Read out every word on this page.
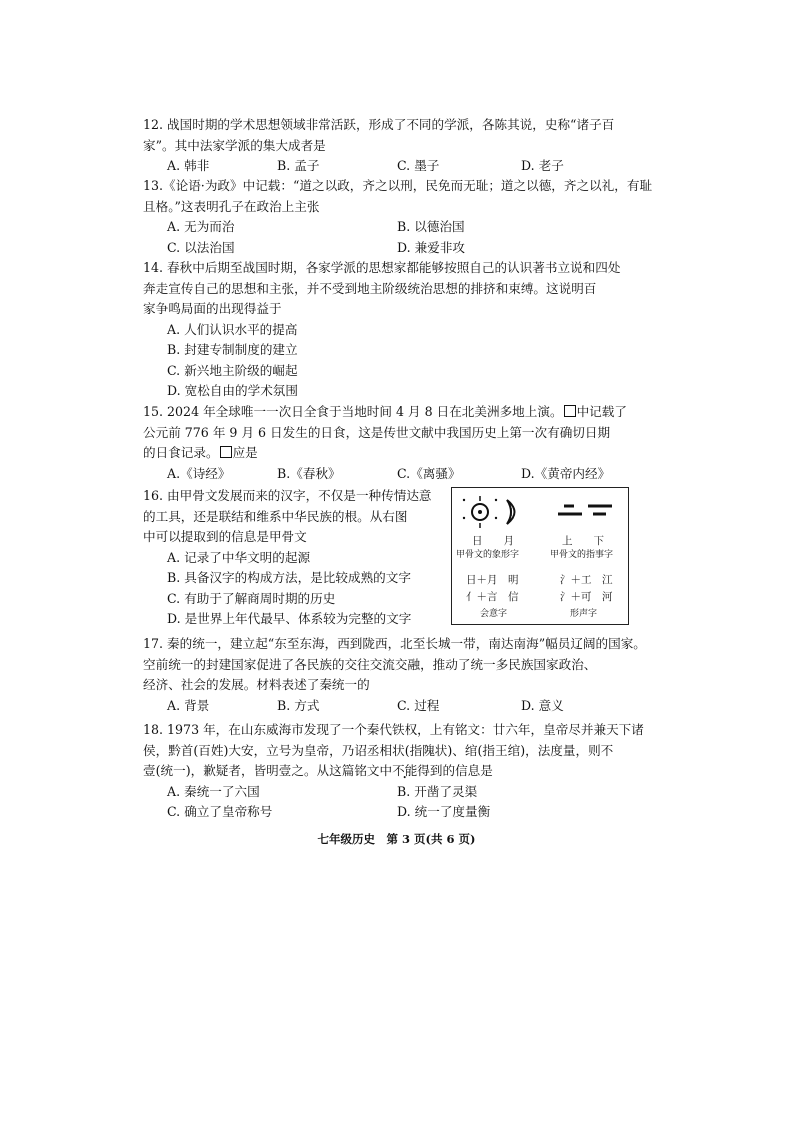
12. 战国时期的学术思想领域非常活跃，形成了不同的学派，各陈其说，史称“诸子百
家”。其中法家学派的集大成者是
A. 韩非	B. 孟子	C. 墨子	D. 老子
13.《论语·为政》中记载：“道之以政，齐之以刑，民免而无耻；道之以德，齐之以礼，有耻
且格。”这表明孔子在政治上主张
A. 无为而治	B. 以德治国
C. 以法治国	D. 兼爱非攻
14. 春秋中后期至战国时期，各家学派的思想家都能够按照自己的认识著书立说和四处
奔走宣传自己的思想和主张，并不受到地主阶级统治思想的排挤和束缚。这说明百
家争鸣局面的出现得益于
A. 人们认识水平的提高
B. 封建专制制度的建立
C. 新兴地主阶级的崛起
D. 宽松自由的学术氛围
15. 2024 年全球唯一一次日全食于当地时间 4 月 8 日在北美洲多地上演。 中记载了
公元前 776 年 9 月 6 日发生的日食，这是传世文献中我国历史上第一次有确切日期
的日食记录。 应是
A.《诗经》	B.《春秋》	C.《离骚》	D.《黄帝内经》
16. 由甲骨文发展而来的汉字，不仅是一种传情达意
的工具，还是联结和维系中华民族的根。从右图
中可以提取到的信息是甲骨文
A. 记录了中华文明的起源
B. 具备汉字的构成方法，是比较成熟的文字
C. 有助于了解商周时期的历史
D. 是世界上年代最早、体系较为完整的文字
日　　月
甲骨文的象形字
上　　下
甲骨文的指事字
日＋月　明
亻＋言　信
会意字
氵＋工　江
氵＋可　河
形声字
17. 秦的统一，建立起“东至东海，西到陇西，北至长城一带，南达南海”幅员辽阔的国家。
空前统一的封建国家促进了各民族的交往交流交融，推动了统一多民族国家政治、
经济、社会的发展。材料表述了秦统一的
A. 背景	B. 方式	C. 过程	D. 意义
18. 1973 年，在山东威海市发现了一个秦代铁权，上有铭文：廿六年，皇帝尽并兼天下诸
侯，黔首(百姓)大安，立号为皇帝，乃诏丞相状(指隗状)、绾(指王绾)，法度量，则不
壹(统一)，歉疑者，皆明壹之。从这篇铭文中不能得到的信息是
A. 秦统一了六国	B. 开凿了灵渠
C. 确立了皇帝称号	D. 统一了度量衡
七年级历史　第 3 页(共 6 页)
